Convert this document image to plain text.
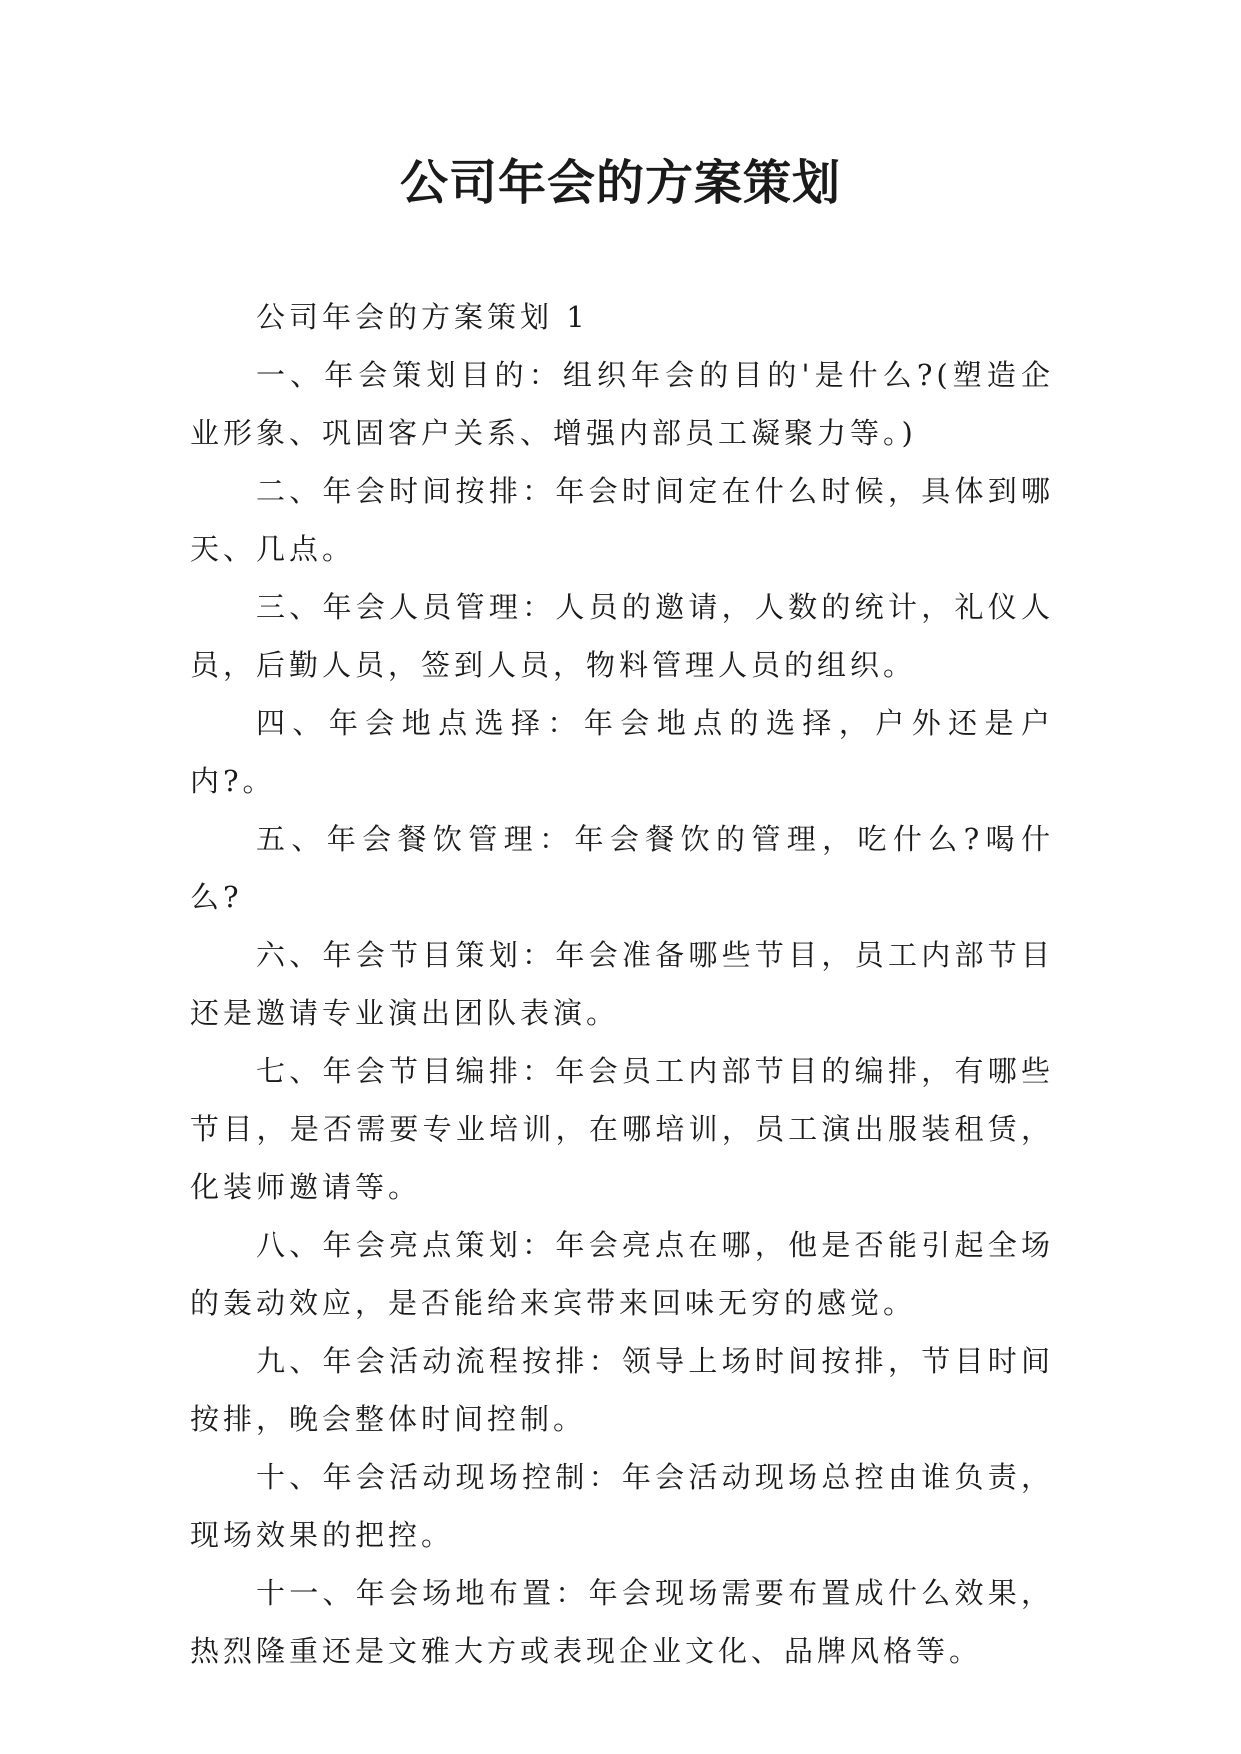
公司年会的方案策划

公司年会的方案策划 1

一、年会策划目的：组织年会的目的'是什么?(塑造企业形象、巩固客户关系、增强内部员工凝聚力等。)

二、年会时间按排：年会时间定在什么时候，具体到哪天、几点。

三、年会人员管理：人员的邀请，人数的统计，礼仪人员，后勤人员，签到人员，物料管理人员的组织。

四、年会地点选择：年会地点的选择，户外还是户内?。

五、年会餐饮管理：年会餐饮的管理，吃什么?喝什么?

六、年会节目策划：年会准备哪些节目，员工内部节目还是邀请专业演出团队表演。

七、年会节目编排：年会员工内部节目的编排，有哪些节目，是否需要专业培训，在哪培训，员工演出服装租赁，化装师邀请等。

八、年会亮点策划：年会亮点在哪，他是否能引起全场的轰动效应，是否能给来宾带来回味无穷的感觉。

九、年会活动流程按排：领导上场时间按排，节目时间按排，晚会整体时间控制。

十、年会活动现场控制：年会活动现场总控由谁负责，现场效果的把控。

十一、年会场地布置：年会现场需要布置成什么效果，热烈隆重还是文雅大方或表现企业文化、品牌风格等。
